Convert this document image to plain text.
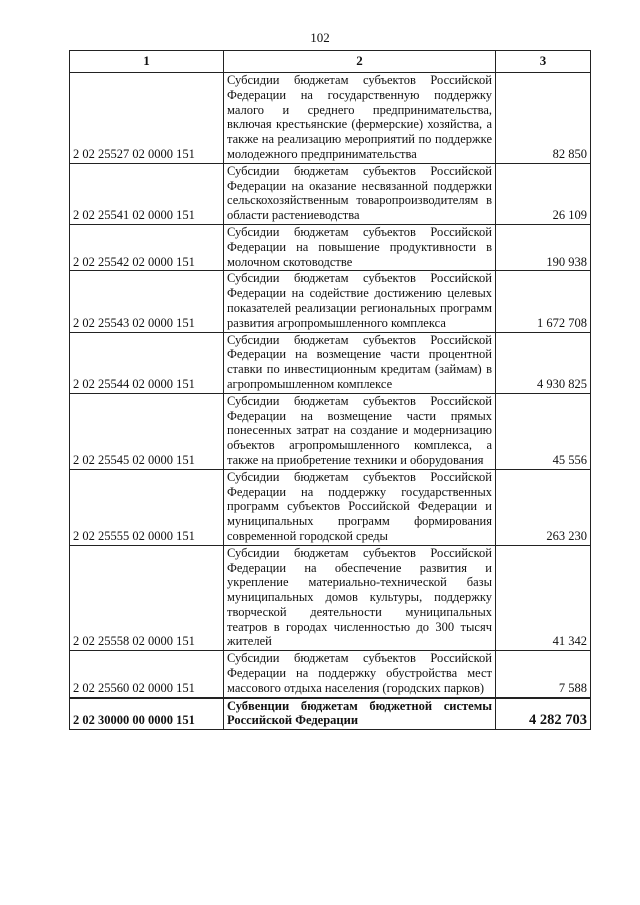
102
1	2	3
2 02 25527 02 0000 151	Субсидии бюджетам субъектов Российской Федерации на государственную поддержку малого и среднего предпринимательства, включая крестьянские (фермерские) хозяйства, а также на реализацию мероприятий по поддержке молодежного предпринимательства	82 850
2 02 25541 02 0000 151	Субсидии бюджетам субъектов Российской Федерации на оказание несвязанной поддержки сельскохозяйственным товаропроизводителям в области растениеводства	26 109
2 02 25542 02 0000 151	Субсидии бюджетам субъектов Российской Федерации на повышение продуктивности в молочном скотоводстве	190 938
2 02 25543 02 0000 151	Субсидии бюджетам субъектов Российской Федерации на содействие достижению целевых показателей реализации региональных программ развития агропромышленного комплекса	1 672 708
2 02 25544 02 0000 151	Субсидии бюджетам субъектов Российской Федерации на возмещение части процентной ставки по инвестиционным кредитам (займам) в агропромышленном комплексе	4 930 825
2 02 25545 02 0000 151	Субсидии бюджетам субъектов Российской Федерации на возмещение части прямых понесенных затрат на создание и модернизацию объектов агропромышленного комплекса, а также на приобретение техники и оборудования	45 556
2 02 25555 02 0000 151	Субсидии бюджетам субъектов Российской Федерации на поддержку государственных программ субъектов Российской Федерации и муниципальных программ формирования современной городской среды	263 230
2 02 25558 02 0000 151	Субсидии бюджетам субъектов Российской Федерации на обеспечение развития и укрепление материально-технической базы муниципальных домов культуры, поддержку творческой деятельности муниципальных театров в городах численностью до 300 тысяч жителей	41 342
2 02 25560 02 0000 151	Субсидии бюджетам субъектов Российской Федерации на поддержку обустройства мест массового отдыха населения (городских парков)	7 588
2 02 30000 00 0000 151	Субвенции бюджетам бюджетной системы Российской Федерации	4 282 703
